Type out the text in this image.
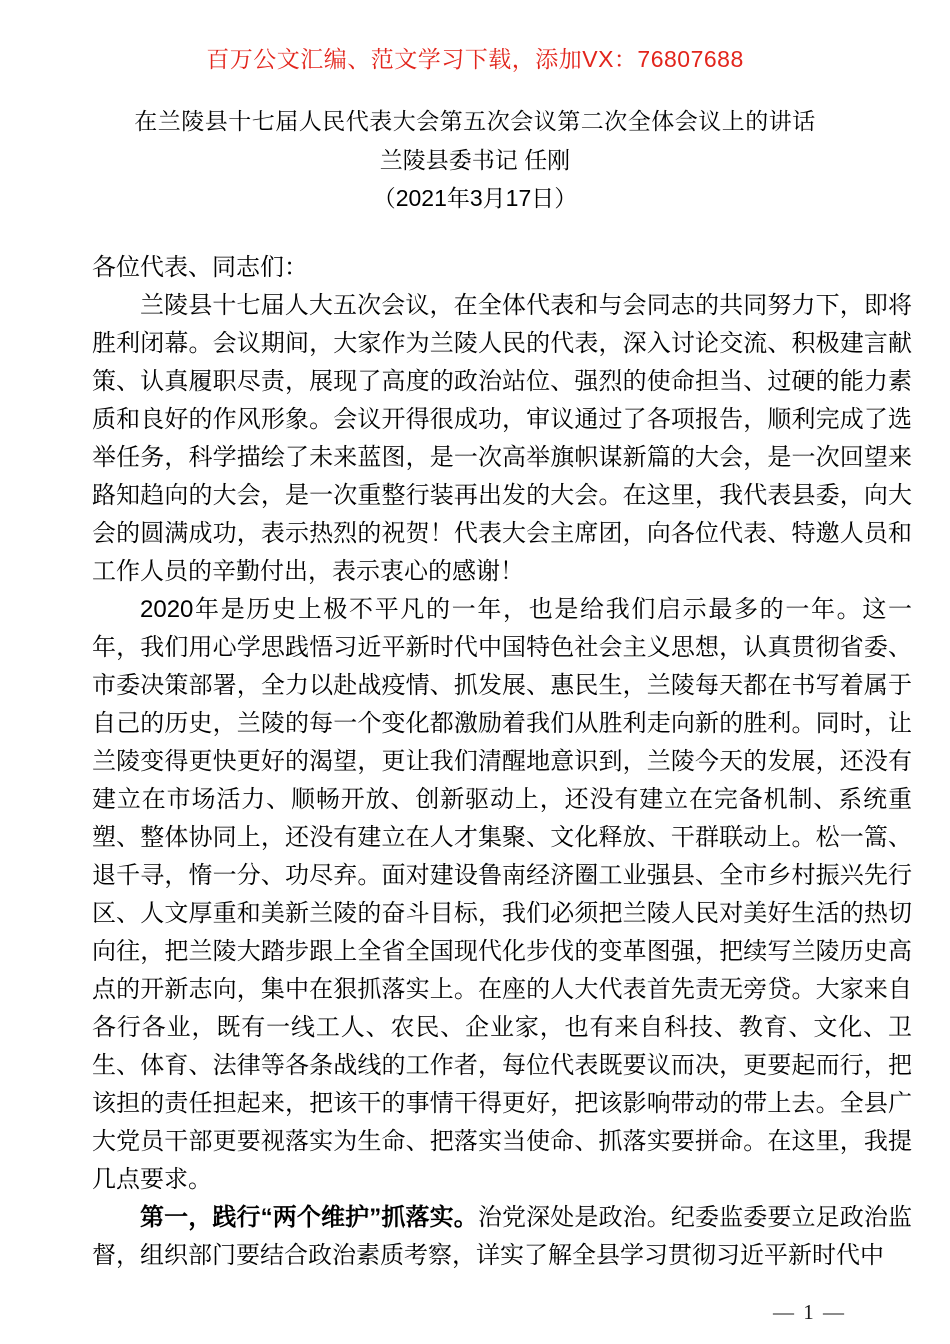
百万公文汇编、范文学习下载，添加VX：76807688
在兰陵县十七届人民代表大会第五次会议第二次全体会议上的讲话
兰陵县委书记 任刚
（2021年3月17日）

各位代表、同志们：

兰陵县十七届人大五次会议，在全体代表和与会同志的共同努力下，即将胜利闭幕。会议期间，大家作为兰陵人民的代表，深入讨论交流、积极建言献策、认真履职尽责，展现了高度的政治站位、强烈的使命担当、过硬的能力素质和良好的作风形象。会议开得很成功，审议通过了各项报告，顺利完成了选举任务，科学描绘了未来蓝图，是一次高举旗帜谋新篇的大会，是一次回望来路知趋向的大会，是一次重整行装再出发的大会。在这里，我代表县委，向大会的圆满成功，表示热烈的祝贺！代表大会主席团，向各位代表、特邀人员和工作人员的辛勤付出，表示衷心的感谢！

2020年是历史上极不平凡的一年，也是给我们启示最多的一年。这一年，我们用心学思践悟习近平新时代中国特色社会主义思想，认真贯彻省委、市委决策部署，全力以赴战疫情、抓发展、惠民生，兰陵每天都在书写着属于自己的历史，兰陵的每一个变化都激励着我们从胜利走向新的胜利。同时，让兰陵变得更快更好的渴望，更让我们清醒地意识到，兰陵今天的发展，还没有建立在市场活力、顺畅开放、创新驱动上，还没有建立在完备机制、系统重塑、整体协同上，还没有建立在人才集聚、文化释放、干群联动上。松一篙、退千寻，惰一分、功尽弃。面对建设鲁南经济圈工业强县、全市乡村振兴先行区、人文厚重和美新兰陵的奋斗目标，我们必须把兰陵人民对美好生活的热切向往，把兰陵大踏步跟上全省全国现代化步伐的变革图强，把续写兰陵历史高点的开新志向，集中在狠抓落实上。在座的人大代表首先责无旁贷。大家来自各行各业，既有一线工人、农民、企业家，也有来自科技、教育、文化、卫生、体育、法律等各条战线的工作者，每位代表既要议而决，更要起而行，把该担的责任担起来，把该干的事情干得更好，把该影响带动的带上去。全县广大党员干部更要视落实为生命、把落实当使命、抓落实要拼命。在这里，我提几点要求。

第一，践行“两个维护”抓落实。治党深处是政治。纪委监委要立足政治监督，组织部门要结合政治素质考察，详实了解全县学习贯彻习近平新时代中

— 1 —
